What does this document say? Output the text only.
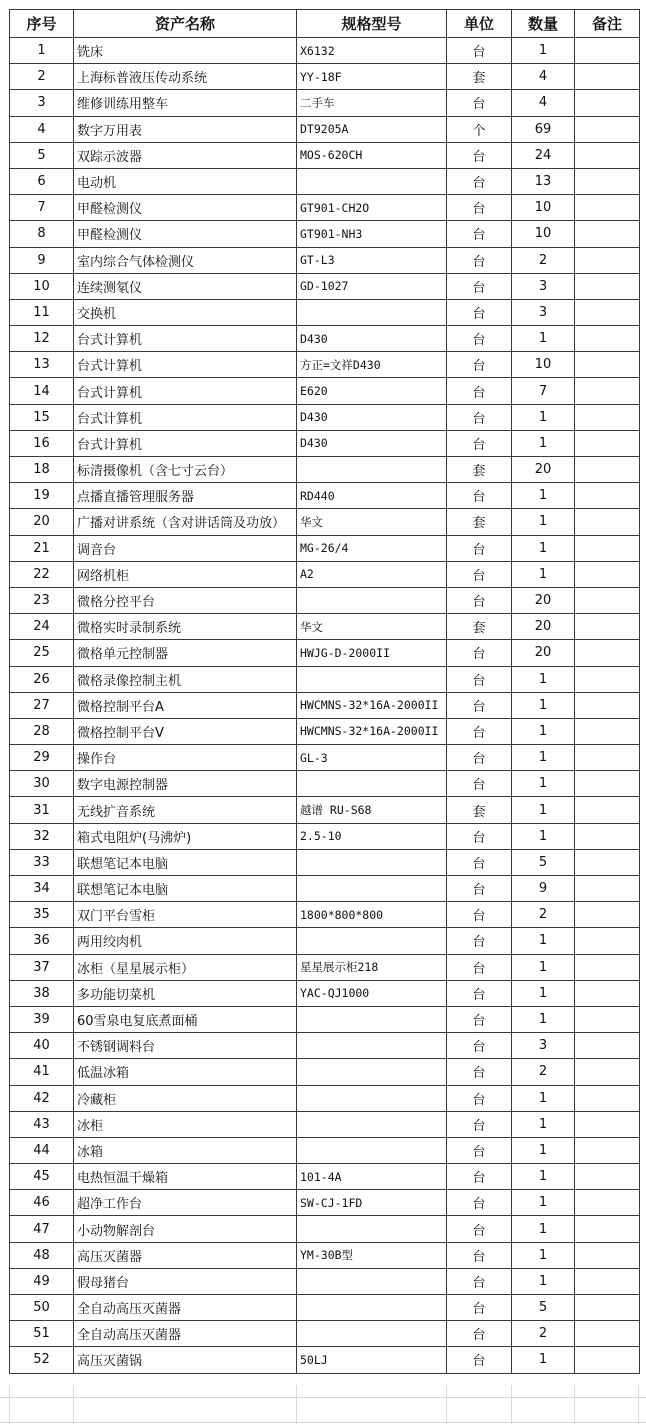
序号	资产名称	规格型号	单位	数量	备注
1	铣床	X6132	台	1	
2	上海标普液压传动系统	YY-18F	套	4	
3	维修训练用整车	二手车	台	4	
4	数字万用表	DT9205A	个	69	
5	双踪示波器	MOS-620CH	台	24	
6	电动机		台	13	
7	甲醛检测仪	GT901-CH2O	台	10	
8	甲醛检测仪	GT901-NH3	台	10	
9	室内综合气体检测仪	GT-L3	台	2	
10	连续测氡仪	GD-1027	台	3	
11	交换机		台	3	
12	台式计算机	D430	台	1	
13	台式计算机	方正=文祥D430	台	10	
14	台式计算机	E620	台	7	
15	台式计算机	D430	台	1	
16	台式计算机	D430	台	1	
18	标清摄像机（含七寸云台）		套	20	
19	点播直播管理服务器	RD440	台	1	
20	广播对讲系统（含对讲话筒及功放）	华文	套	1	
21	调音台	MG-26/4	台	1	
22	网络机柜	A2	台	1	
23	微格分控平台		台	20	
24	微格实时录制系统	华文	套	20	
25	微格单元控制器	HWJG-D-2000II	台	20	
26	微格录像控制主机		台	1	
27	微格控制平台A	HWCMNS-32*16A-2000II	台	1	
28	微格控制平台V	HWCMNS-32*16A-2000II	台	1	
29	操作台	GL-3	台	1	
30	数字电源控制器		台	1	
31	无线扩音系统	越谱 RU-S68	套	1	
32	箱式电阻炉(马沸炉)	2.5-10	台	1	
33	联想笔记本电脑		台	5	
34	联想笔记本电脑		台	9	
35	双门平台雪柜	1800*800*800	台	2	
36	两用绞肉机		台	1	
37	冰柜（星星展示柜）	星星展示柜218	台	1	
38	多功能切菜机	YAC-QJ1000	台	1	
39	60雪泉电复底煮面桶		台	1	
40	不锈钢调料台		台	3	
41	低温冰箱		台	2	
42	冷藏柜		台	1	
43	冰柜		台	1	
44	冰箱		台	1	
45	电热恒温干燥箱	101-4A	台	1	
46	超净工作台	SW-CJ-1FD	台	1	
47	小动物解剖台		台	1	
48	高压灭菌器	YM-30B型	台	1	
49	假母猪台		台	1	
50	全自动高压灭菌器		台	5	
51	全自动高压灭菌器		台	2	
52	高压灭菌锅	50LJ	台	1	
